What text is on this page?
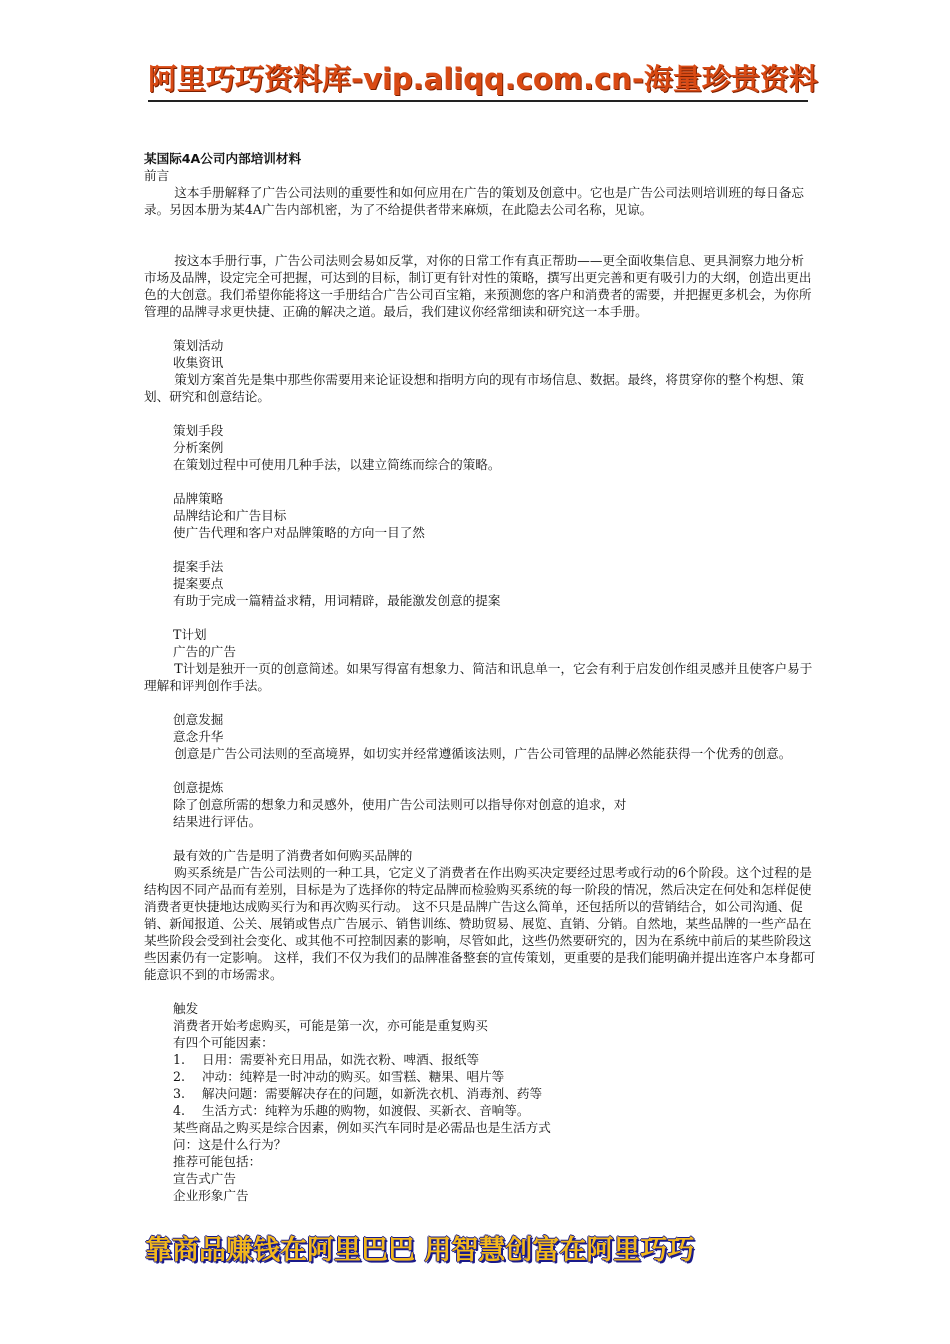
阿里巧巧资料库-vip.aliqq.com.cn-海量珍贵资料

某国际4A公司内部培训材料

前言

这本手册解释了广告公司法则的重要性和如何应用在广告的策划及创意中。它也是广告公司法则培训班的每日备忘录。另因本册为某4A广告内部机密，为了不给提供者带来麻烦，在此隐去公司名称，见谅。

按这本手册行事，广告公司法则会易如反掌，对你的日常工作有真正帮助——更全面收集信息、更具洞察力地分析市场及品牌，设定完全可把握，可达到的目标，制订更有针对性的策略，撰写出更完善和更有吸引力的大纲，创造出更出色的大创意。我们希望你能将这一手册结合广告公司百宝箱，来预测您的客户和消费者的需要，并把握更多机会，为你所管理的品牌寻求更快捷、正确的解决之道。最后，我们建议你经常细读和研究这一本手册。

策划活动

收集资讯

策划方案首先是集中那些你需要用来论证设想和指明方向的现有市场信息、数据。最终，将贯穿你的整个构想、策划、研究和创意结论。

策划手段

分析案例

在策划过程中可使用几种手法，以建立简练而综合的策略。

品牌策略

品牌结论和广告目标

使广告代理和客户对品牌策略的方向一目了然

提案手法

提案要点

有助于完成一篇精益求精，用词精辟，最能激发创意的提案

T计划

广告的广告

T计划是独开一页的创意简述。如果写得富有想象力、简洁和讯息单一，它会有利于启发创作组灵感并且使客户易于理解和评判创作手法。

创意发掘

意念升华

创意是广告公司法则的至高境界，如切实并经常遵循该法则，广告公司管理的品牌必然能获得一个优秀的创意。

创意提炼

除了创意所需的想象力和灵感外，使用广告公司法则可以指导你对创意的追求，对

结果进行评估。

最有效的广告是明了消费者如何购买品牌的

购买系统是广告公司法则的一种工具，它定义了消费者在作出购买决定要经过思考或行动的6个阶段。这个过程的是结构因不同产品而有差别，目标是为了选择你的特定品牌而检验购买系统的每一阶段的情况，然后决定在何处和怎样促使消费者更快捷地达成购买行为和再次购买行动。 这不只是品牌广告这么简单，还包括所以的营销结合，如公司沟通、促销、新闻报道、公关、展销或售点广告展示、销售训练、赞助贸易、展览、直销、分销。自然地，某些品牌的一些产品在某些阶段会受到社会变化、或其他不可控制因素的影响，尽管如此，这些仍然要研究的，因为在系统中前后的某些阶段这些因素仍有一定影响。 这样，我们不仅为我们的品牌准备整套的宣传策划，更重要的是我们能明确并提出连客户本身都可能意识不到的市场需求。

触发

消费者开始考虑购买，可能是第一次，亦可能是重复购买

有四个可能因素：

1. 日用：需要补充日用品，如洗衣粉、啤酒、报纸等

2. 冲动：纯粹是一时冲动的购买。如雪糕、糖果、唱片等

3. 解决问题：需要解决存在的问题，如新洗衣机、消毒剂、药等

4. 生活方式：纯粹为乐趣的购物，如渡假、买新衣、音响等。

某些商品之购买是综合因素，例如买汽车同时是必需品也是生活方式

问：这是什么行为？

推荐可能包括：

宣告式广告

企业形象广告

靠商品赚钱在阿里巴巴 用智慧创富在阿里巧巧
